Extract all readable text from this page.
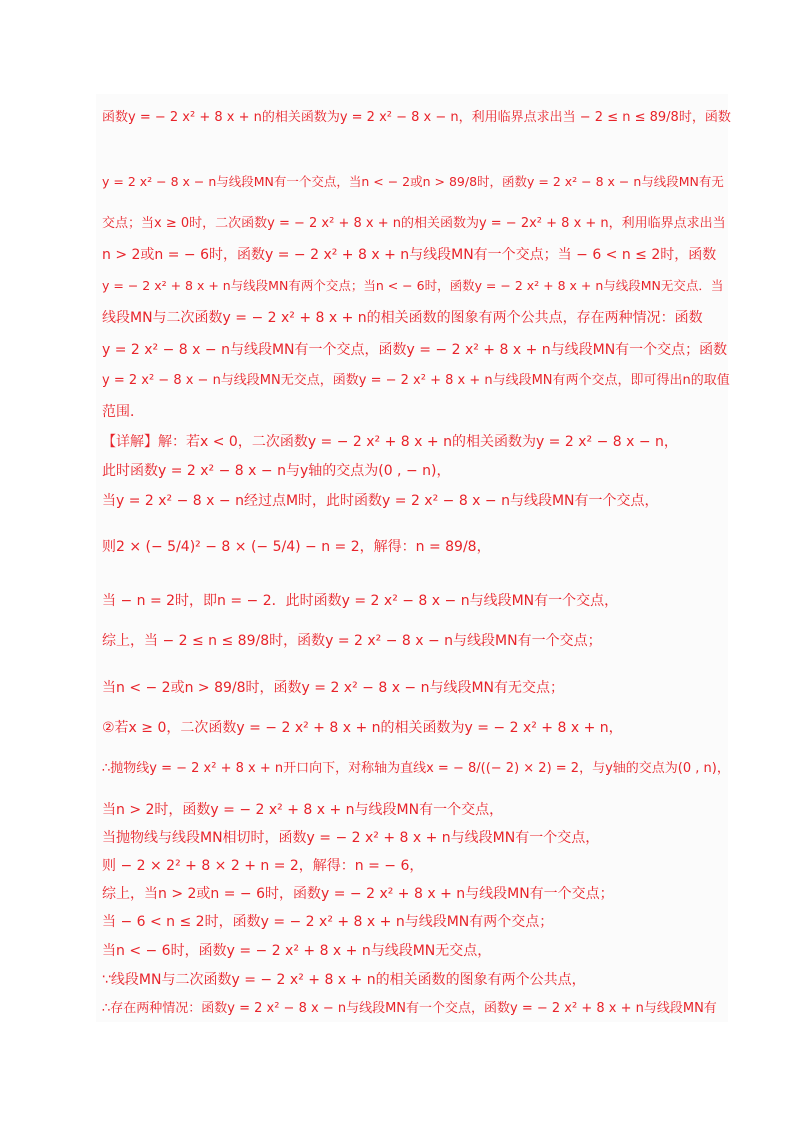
函数y = − 2 x² + 8 x + n的相关函数为y = 2 x² − 8 x − n，利用临界点求出当 − 2 ≤ n ≤ 89/8时，函数
y = 2 x² − 8 x − n与线段MN有一个交点，当n < − 2或n > 89/8时，函数y = 2 x² − 8 x − n与线段MN有无
交点；当x ≥ 0时，二次函数y = − 2 x² + 8 x + n的相关函数为y = − 2x² + 8 x + n，利用临界点求出当
n > 2或n = − 6时，函数y = − 2 x² + 8 x + n与线段MN有一个交点；当 − 6 < n ≤ 2时，函数
y = − 2 x² + 8 x + n与线段MN有两个交点；当n < − 6时，函数y = − 2 x² + 8 x + n与线段MN无交点．当
线段MN与二次函数y = − 2 x² + 8 x + n的相关函数的图象有两个公共点，存在两种情况：函数
y = 2 x² − 8 x − n与线段MN有一个交点，函数y = − 2 x² + 8 x + n与线段MN有一个交点；函数
y = 2 x² − 8 x − n与线段MN无交点，函数y = − 2 x² + 8 x + n与线段MN有两个交点，即可得出n的取值
范围．
【详解】解：若x < 0，二次函数y = − 2 x² + 8 x + n的相关函数为y = 2 x² − 8 x − n，
此时函数y = 2 x² − 8 x − n与y轴的交点为(0 , − n)，
当y = 2 x² − 8 x − n经过点M时，此时函数y = 2 x² − 8 x − n与线段MN有一个交点，
则2 × (− 5/4)² − 8 × (− 5/4) − n = 2，解得：n = 89/8，
当 − n = 2时，即n = − 2．此时函数y = 2 x² − 8 x − n与线段MN有一个交点，
综上，当 − 2 ≤ n ≤ 89/8时，函数y = 2 x² − 8 x − n与线段MN有一个交点；
当n < − 2或n > 89/8时，函数y = 2 x² − 8 x − n与线段MN有无交点；
②若x ≥ 0，二次函数y = − 2 x² + 8 x + n的相关函数为y = − 2 x² + 8 x + n，
∴抛物线y = − 2 x² + 8 x + n开口向下，对称轴为直线x = − 8/((− 2) × 2) = 2，与y轴的交点为(0 , n)，
当n > 2时，函数y = − 2 x² + 8 x + n与线段MN有一个交点，
当抛物线与线段MN相切时，函数y = − 2 x² + 8 x + n与线段MN有一个交点，
则 − 2 × 2² + 8 × 2 + n = 2，解得：n = − 6，
综上，当n > 2或n = − 6时，函数y = − 2 x² + 8 x + n与线段MN有一个交点；
当 − 6 < n ≤ 2时，函数y = − 2 x² + 8 x + n与线段MN有两个交点；
当n < − 6时，函数y = − 2 x² + 8 x + n与线段MN无交点，
∵线段MN与二次函数y = − 2 x² + 8 x + n的相关函数的图象有两个公共点，
∴存在两种情况：函数y = 2 x² − 8 x − n与线段MN有一个交点，函数y = − 2 x² + 8 x + n与线段MN有
